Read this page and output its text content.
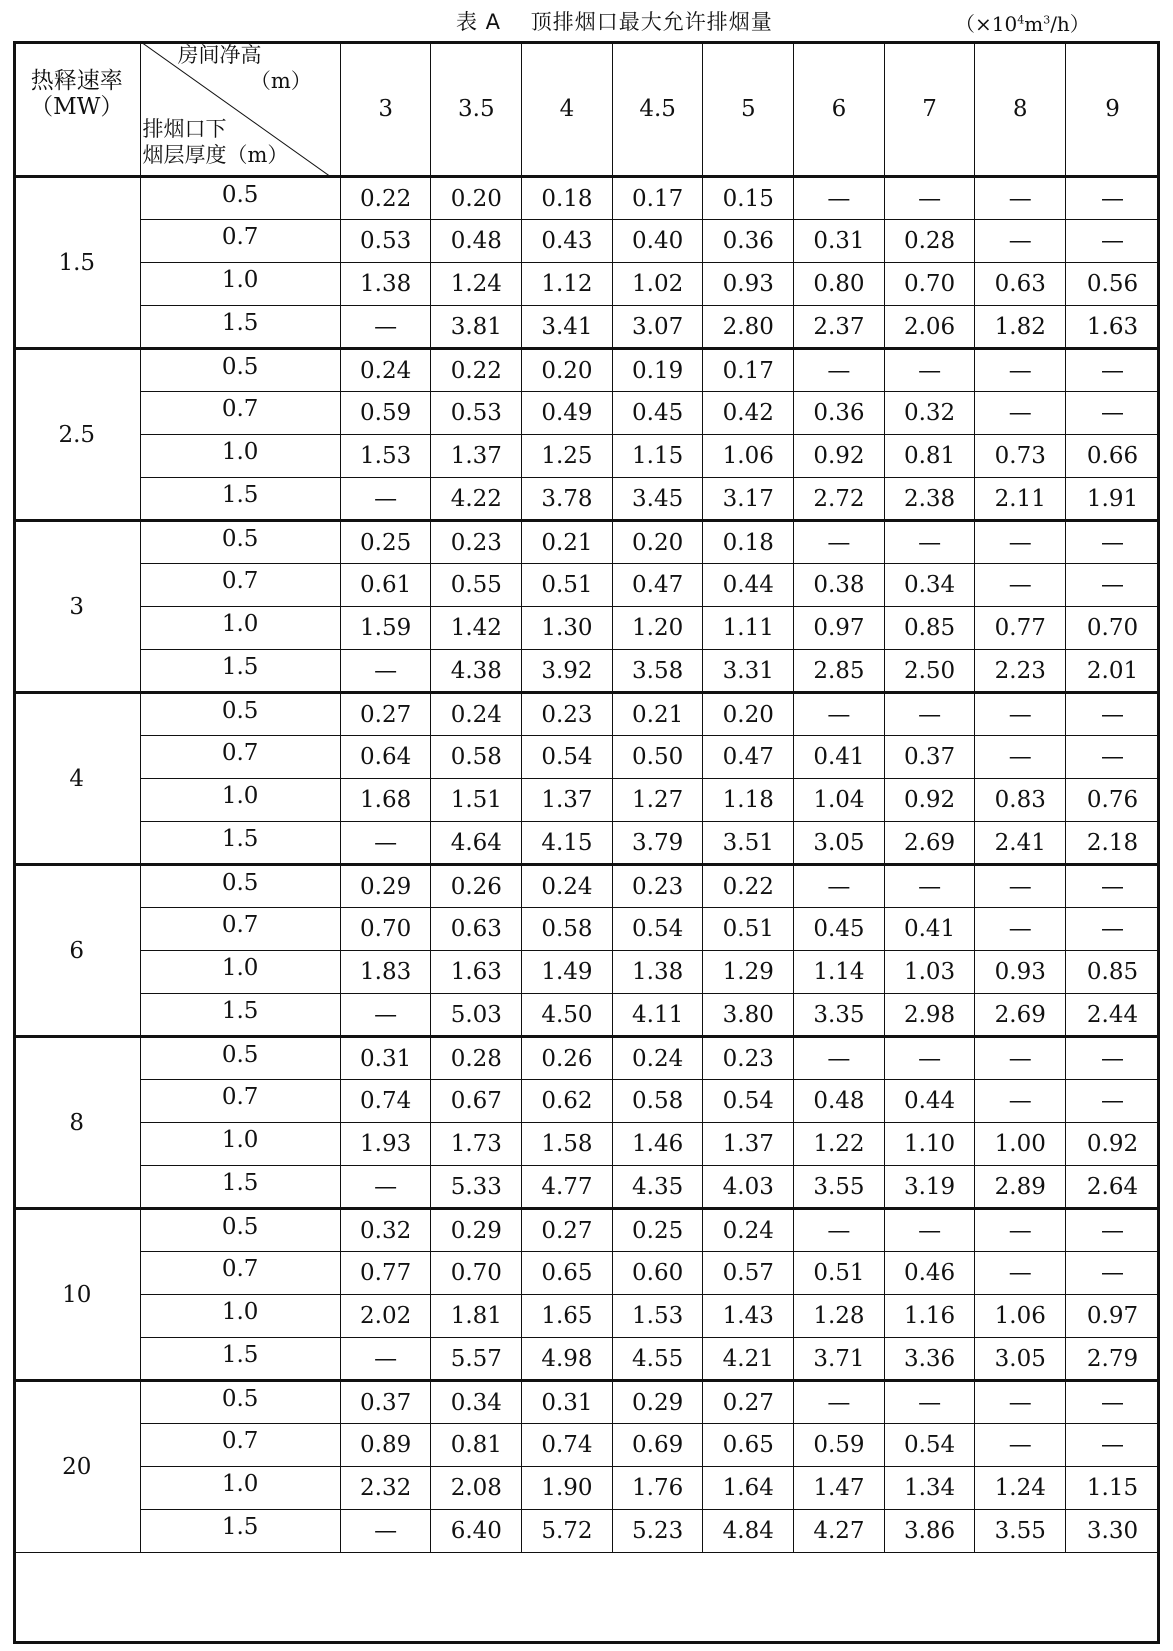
表 A　 顶排烟口最大允许排烟量	$(\times 10^4m^3/h)$
热释速率（MW）	房间净高
（m）
排烟口下
烟层厚度（m）	3	3.5	4	4.5	5	6	7	8	9
1.5	0.5	0.22	0.20	0.18	0.17	0.15	—	—	—	—
	0.7	0.53	0.48	0.43	0.40	0.36	0.31	0.28	—	—
	1.0	1.38	1.24	1.12	1.02	0.93	0.80	0.70	0.63	0.56
	1.5	—	3.81	3.41	3.07	2.80	2.37	2.06	1.82	1.63
2.5	0.5	0.24	0.22	0.20	0.19	0.17	—	—	—	—
	0.7	0.59	0.53	0.49	0.45	0.42	0.36	0.32	—	—
	1.0	1.53	1.37	1.25	1.15	1.06	0.92	0.81	0.73	0.66
	1.5	—	4.22	3.78	3.45	3.17	2.72	2.38	2.11	1.91
3	0.5	0.25	0.23	0.21	0.20	0.18	—	—	—	—
	0.7	0.61	0.55	0.51	0.47	0.44	0.38	0.34	—	—
	1.0	1.59	1.42	1.30	1.20	1.11	0.97	0.85	0.77	0.70
	1.5	—	4.38	3.92	3.58	3.31	2.85	2.50	2.23	2.01
4	0.5	0.27	0.24	0.23	0.21	0.20	—	—	—	—
	0.7	0.64	0.58	0.54	0.50	0.47	0.41	0.37	—	—
	1.0	1.68	1.51	1.37	1.27	1.18	1.04	0.92	0.83	0.76
	1.5	—	4.64	4.15	3.79	3.51	3.05	2.69	2.41	2.18
6	0.5	0.29	0.26	0.24	0.23	0.22	—	—	—	—
	0.7	0.70	0.63	0.58	0.54	0.51	0.45	0.41	—	—
	1.0	1.83	1.63	1.49	1.38	1.29	1.14	1.03	0.93	0.85
	1.5	—	5.03	4.50	4.11	3.80	3.35	2.98	2.69	2.44
8	0.5	0.31	0.28	0.26	0.24	0.23	—	—	—	—
	0.7	0.74	0.67	0.62	0.58	0.54	0.48	0.44	—	—
	1.0	1.93	1.73	1.58	1.46	1.37	1.22	1.10	1.00	0.92
	1.5	—	5.33	4.77	4.35	4.03	3.55	3.19	2.89	2.64
10	0.5	0.32	0.29	0.27	0.25	0.24	—	—	—	—
	0.7	0.77	0.70	0.65	0.60	0.57	0.51	0.46	—	—
	1.0	2.02	1.81	1.65	1.53	1.43	1.28	1.16	1.06	0.97
	1.5	—	5.57	4.98	4.55	4.21	3.71	3.36	3.05	2.79
20	0.5	0.37	0.34	0.31	0.29	0.27	—	—	—	—
	0.7	0.89	0.81	0.74	0.69	0.65	0.59	0.54	—	—
	1.0	2.32	2.08	1.90	1.76	1.64	1.47	1.34	1.24	1.15
	1.5	—	6.40	5.72	5.23	4.84	4.27	3.86	3.55	3.30
